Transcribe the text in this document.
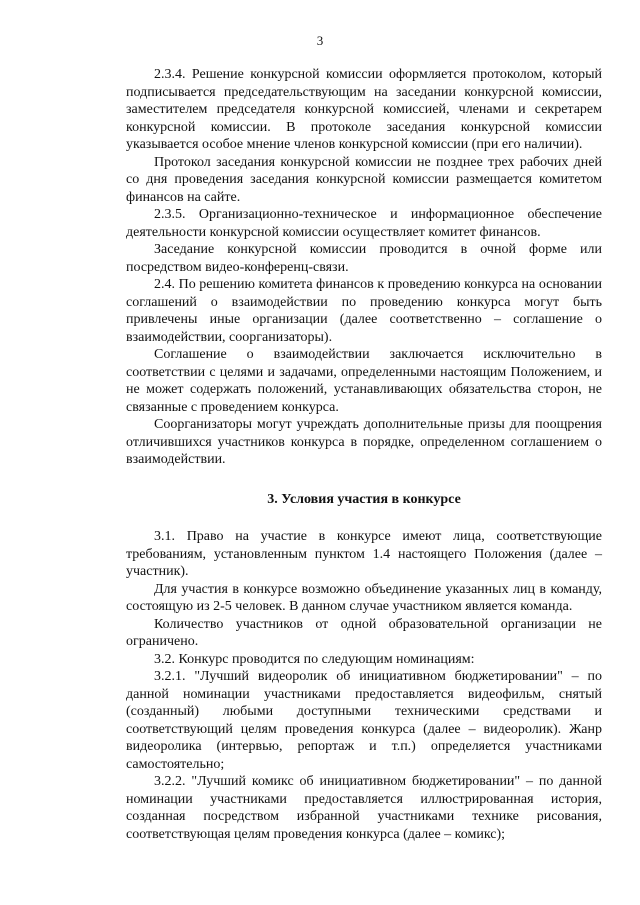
3

2.3.4. Решение конкурсной комиссии оформляется протоколом, который подписывается председательствующим на заседании конкурсной комиссии, заместителем председателя конкурсной комиссией, членами и секретарем конкурсной комиссии. В протоколе заседания конкурсной комиссии указывается особое мнение членов конкурсной комиссии (при его наличии).

Протокол заседания конкурсной комиссии не позднее трех рабочих дней со дня проведения заседания конкурсной комиссии размещается комитетом финансов на сайте.

2.3.5. Организационно-техническое и информационное обеспечение деятельности конкурсной комиссии осуществляет комитет финансов.

Заседание конкурсной комиссии проводится в очной форме или посредством видео-конференц-связи.

2.4. По решению комитета финансов к проведению конкурса на основании соглашений о взаимодействии по проведению конкурса могут быть привлечены иные организации (далее соответственно – соглашение о взаимодействии, соорганизаторы).

Соглашение о взаимодействии заключается исключительно в соответствии с целями и задачами, определенными настоящим Положением, и не может содержать положений, устанавливающих обязательства сторон, не связанные с проведением конкурса.

Соорганизаторы могут учреждать дополнительные призы для поощрения отличившихся участников конкурса в порядке, определенном соглашением о взаимодействии.

3. Условия участия в конкурсе

3.1. Право на участие в конкурсе имеют лица, соответствующие требованиям, установленным пунктом 1.4 настоящего Положения (далее – участник).

Для участия в конкурсе возможно объединение указанных лиц в команду, состоящую из 2-5 человек. В данном случае участником является команда.

Количество участников от одной образовательной организации не ограничено.

3.2. Конкурс проводится по следующим номинациям:

3.2.1. "Лучший видеоролик об инициативном бюджетировании" – по данной номинации участниками предоставляется видеофильм, снятый (созданный) любыми доступными техническими средствами и соответствующий целям проведения конкурса (далее – видеоролик). Жанр видеоролика (интервью, репортаж и т.п.) определяется участниками самостоятельно;

3.2.2. "Лучший комикс об инициативном бюджетировании" – по данной номинации участниками предоставляется иллюстрированная история, созданная посредством избранной участниками технике рисования, соответствующая целям проведения конкурса (далее – комикс);
